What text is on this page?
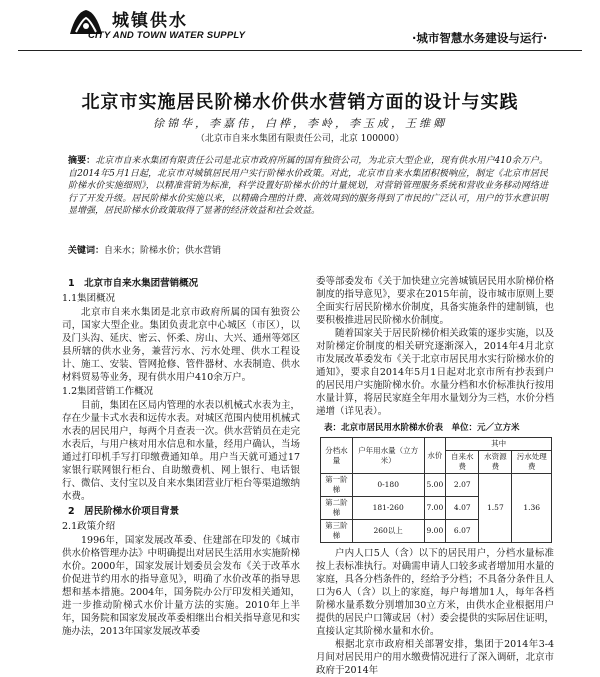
城镇供水
CITY AND TOWN WATER SUPPLY	·城市智慧水务建设与运行·
北京市实施居民阶梯水价供水营销方面的设计与实践
徐锦华，李嘉伟，白桦，李岭，李玉成，王维卿
（北京市自来水集团有限责任公司，北京 100000）
摘要：北京市自来水集团有限责任公司是北京市政府所属的国有独资公司，为北京大型企业，现有供水用户410余万户。自2014年5月1日起，北京市对城镇居民用户实行阶梯水价政策。对此，北京市自来水集团积极响应，制定《北京市居民阶梯水价实施细则》，以精准营销为标准，科学设置好阶梯水价的计量规划，对营销管理服务系统和营收业务移动网络进行了开发升级。居民阶梯水价实施以来，以精确合理的计费、高效周到的服务得到了市民的广泛认可，用户的节水意识明显增强，居民阶梯水价政策取得了显著的经济效益和社会效益。
关键词：自来水；阶梯水价；供水营销
1　北京市自来水集团营销概况
1.1集团概况

北京市自来水集团是北京市政府所属的国有独资公司，国家大型企业。集团负责北京中心城区（市区），以及门头沟、延庆、密云、怀柔、房山、大兴、通州等郊区县所辖的供水业务，兼营污水、污水处理、供水工程设计、施工、安装、管网抢修、管件器材、水表制造、供水材料贸易等业务，现有供水用户410余万户。

1.2集团营销工作概况

目前，集团在区局内管理的水表以机械式水表为主，存在少量卡式水表和远传水表。对城区范围内使用机械式水表的居民用户，每两个月查表一次。供水营销员在走完水表后，与用户核对用水信息和水量，经用户确认，当场通过打印机手写打印缴费通知单。用户当天就可通过17家银行联网银行柜台、自助缴费机、网上银行、电话银行、微信、支付宝以及自来水集团营业厅柜台等渠道缴纳水费。

2　居民阶梯水价项目背景
2.1政策介绍

1996年，国家发展改革委、住建部在印发的《城市供水价格管理办法》中明确提出对居民生活用水实施阶梯水价。2000年，国家发展计划委员会发布《关于改革水价促进节约用水的指导意见》，明确了水价改革的指导思想和基本措施。2004年，国务院办公厅印发相关通知，进一步推动阶梯式水价计量方法的实施。2010年上半年，国务院和国家发展改革委相继出台相关指导意见和实施办法，2013年国家发展改革委

委等部委发布《关于加快建立完善城镇居民用水阶梯价格制度的指导意见》，要求在2015年前，设市城市原则上要全面实行居民阶梯水价制度，具备实施条件的建制镇，也要积极推进居民阶梯水价制度。

随着国家关于居民阶梯价相关政策的逐步实施，以及对阶梯定价制度的相关研究逐渐深入，2014年4月北京市发展改革委发布《关于北京市居民用水实行阶梯水价的通知》，要求自2014年5月1日起对北京市所有抄表到户的居民用户实施阶梯水价。水量分档和水价标准执行按用水量计算，将居民家庭全年用水量划分为三档，水价分档递增（详见表）。

表：北京市居民用水阶梯水价表　单位：元／立方米
分档水量	户年用水量（立方米）	水价	其中		
			自来水费	水资源费	污水处理费
第一阶梯	0-180	5.00	2.07	1.57	1.36
第二阶梯	181-260	7.00	4.07		
第三阶梯	260以上	9.00	6.07		

户内人口5人（含）以下的居民用户，分档水量标准按上表标准执行。对确需申请人口较多或者增加用水量的家庭，具各分档条件的，经给予分档；不具备分条件且人口为6人（含）以上的家庭，每户每增加1人，每年各档阶梯水量系数分别增加30立方米，由供水企业根据用户提供的居民户口簿或居（村）委会提供的实际居住证明，直接认定其阶梯水量和水价。

根据北京市政府相关部署安排，集团于2014年3-4月间对居民用户的用水缴费情况进行了深入调研，北京市政府于2014年
